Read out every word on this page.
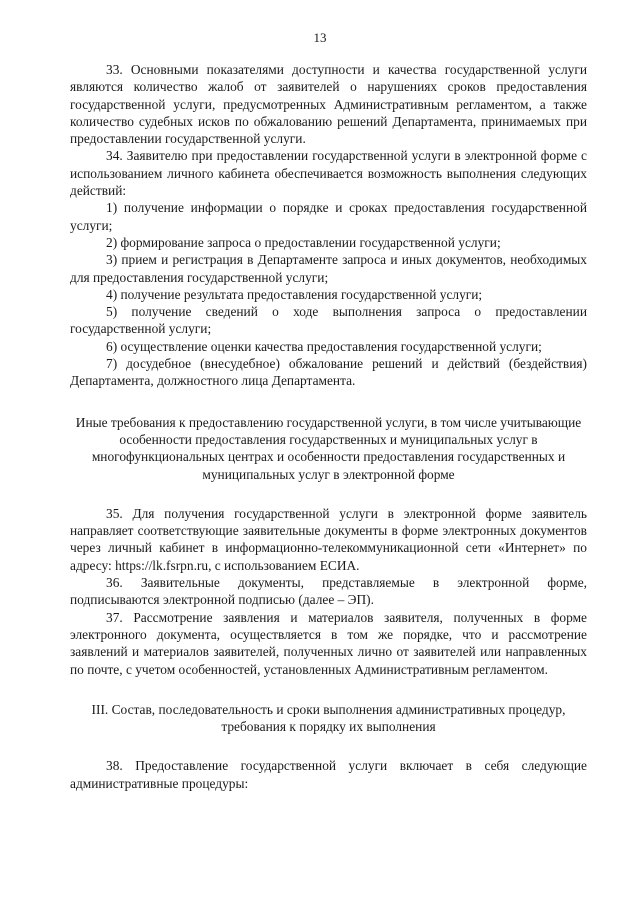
13

33. Основными показателями доступности и качества государственной услуги являются количество жалоб от заявителей о нарушениях сроков предоставления государственной услуги, предусмотренных Административным регламентом, а также количество судебных исков по обжалованию решений Департамента, принимаемых при предоставлении государственной услуги.

34. Заявителю при предоставлении государственной услуги в электронной форме с использованием личного кабинета обеспечивается возможность выполнения следующих действий:

1) получение информации о порядке и сроках предоставления государственной услуги;

2) формирование запроса о предоставлении государственной услуги;

3) прием и регистрация в Департаменте запроса и иных документов, необходимых для предоставления государственной услуги;

4) получение результата предоставления государственной услуги;

5) получение сведений о ходе выполнения запроса о предоставлении государственной услуги;

6) осуществление оценки качества предоставления государственной услуги;

7) досудебное (внесудебное) обжалование решений и действий (бездействия) Департамента, должностного лица Департамента.

Иные требования к предоставлению государственной услуги, в том числе учитывающие особенности предоставления государственных и муниципальных услуг в многофункциональных центрах и особенности предоставления государственных и муниципальных услуг в электронной форме

35. Для получения государственной услуги в электронной форме заявитель направляет соответствующие заявительные документы в форме электронных документов через личный кабинет в информационно-телекоммуникационной сети «Интернет» по адресу: https://lk.fsrpn.ru, с использованием ЕСИА.

36. Заявительные документы, представляемые в электронной форме, подписываются электронной подписью (далее – ЭП).

37. Рассмотрение заявления и материалов заявителя, полученных в форме электронного документа, осуществляется в том же порядке, что и рассмотрение заявлений и материалов заявителей, полученных лично от заявителей или направленных по почте, с учетом особенностей, установленных Административным регламентом.

III. Состав, последовательность и сроки выполнения административных процедур, требования к порядку их выполнения

38. Предоставление государственной услуги включает в себя следующие административные процедуры:
